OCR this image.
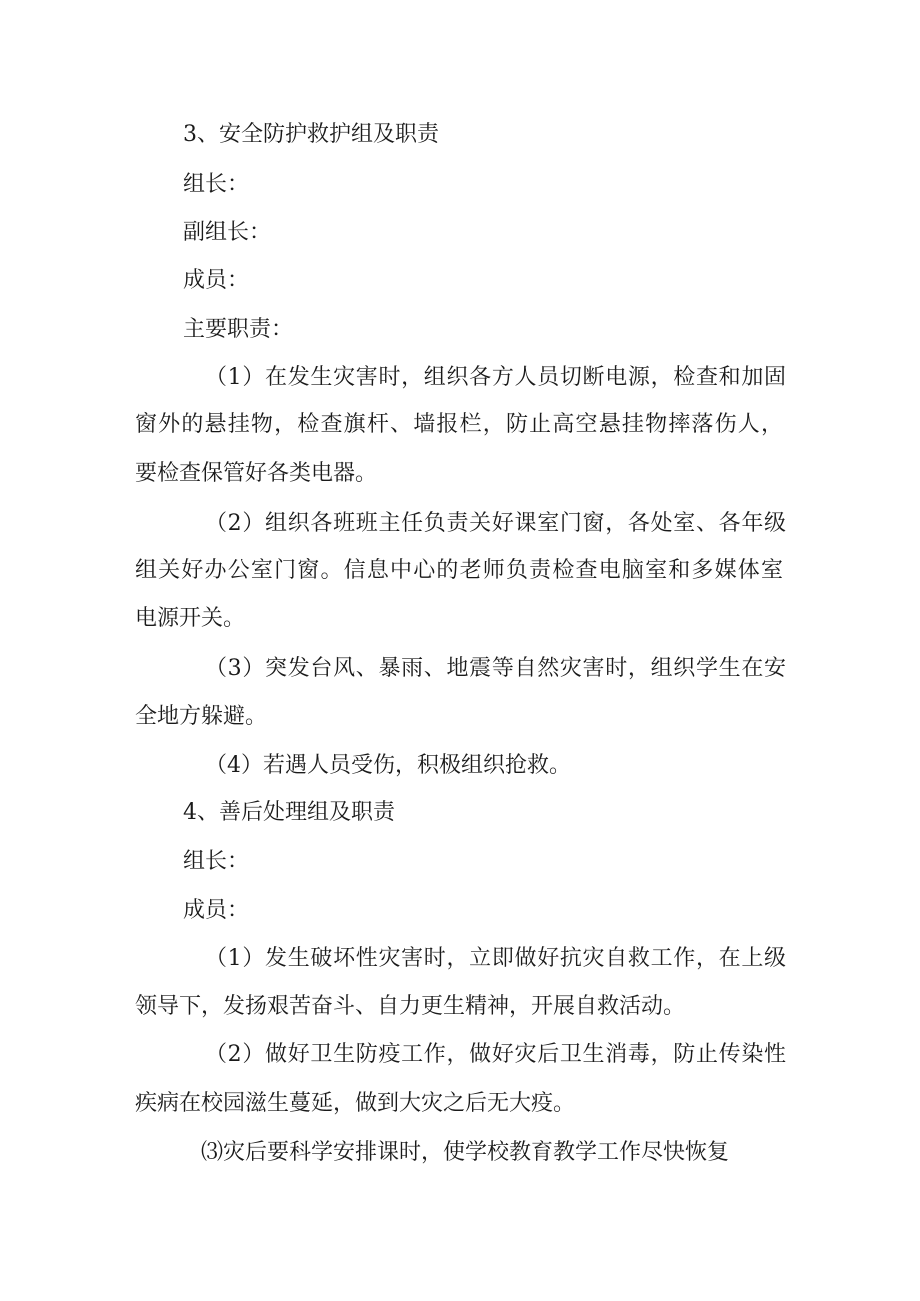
3、安全防护救护组及职责
组长：
副组长：
成员：
主要职责：
（1）在发生灾害时，组织各方人员切断电源，检查和加固
窗外的悬挂物，检查旗杆、墙报栏，防止高空悬挂物摔落伤人，
要检查保管好各类电器。
（2）组织各班班主任负责关好课室门窗，各处室、各年级
组关好办公室门窗。信息中心的老师负责检查电脑室和多媒体室
电源开关。
（3）突发台风、暴雨、地震等自然灾害时，组织学生在安
全地方躲避。
（4）若遇人员受伤，积极组织抢救。
4、善后处理组及职责
组长：
成员：
（1）发生破坏性灾害时，立即做好抗灾自救工作，在上级
领导下，发扬艰苦奋斗、自力更生精神，开展自救活动。
（2）做好卫生防疫工作，做好灾后卫生消毒，防止传染性
疾病在校园滋生蔓延，做到大灾之后无大疫。
⑶灾后要科学安排课时，使学校教育教学工作尽快恢复
